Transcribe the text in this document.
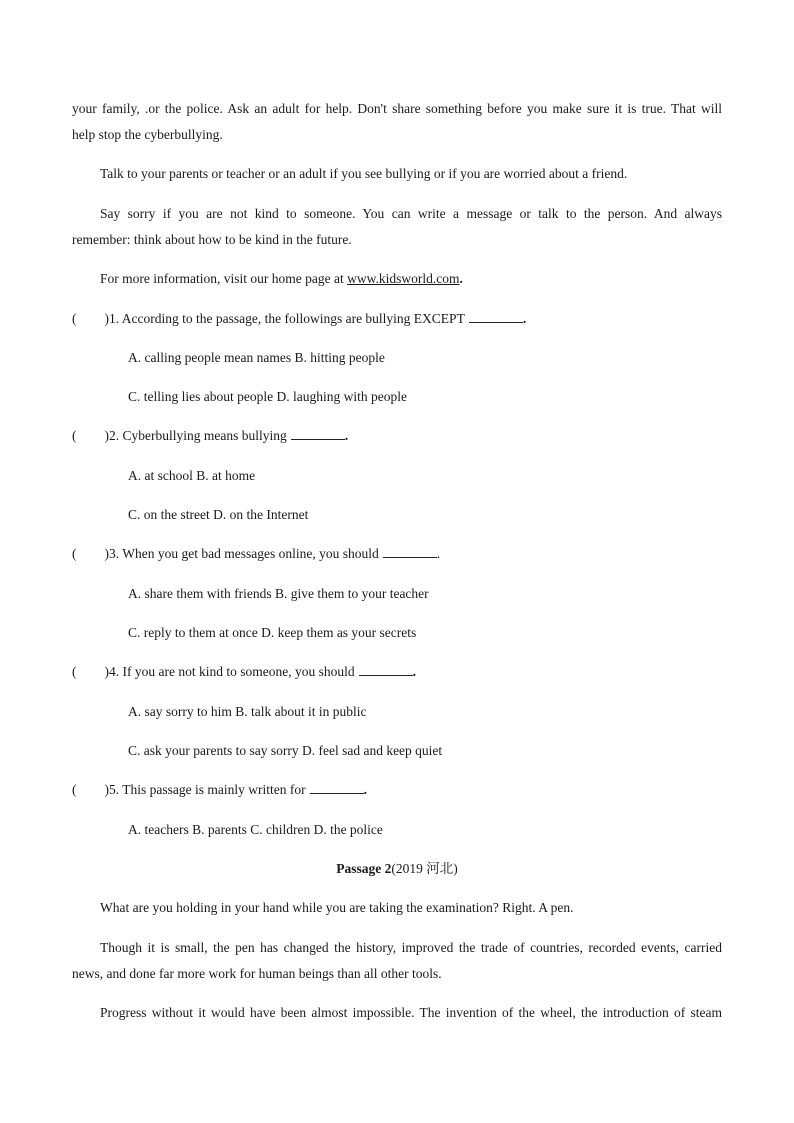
your family, .or the police. Ask an adult for help. Don't share something before you make sure it is true. That will
help stop the cyberbullying.
Talk to your parents or teacher or an adult if you see bullying or if you are worried about a friend.
Say sorry if you are not kind to someone. You can write a message or talk to the person. And always
remember: think about how to be kind in the future.
For more information, visit our home page at www.kidsworld.com.
( )1. According to the passage, the followings are bullying EXCEPT	.
A. calling people mean names B. hitting people
C. telling lies about people D. laughing with people
( )2. Cyberbullying means bullying	.
A. at school B. at home
C. on the street D. on the Internet
( )3. When you get bad messages online, you should	.
A. share them with friends B. give them to your teacher
C. reply to them at once D. keep them as your secrets
( )4. If you are not kind to someone, you should	.
A. say sorry to him B. talk about it in public
C. ask your parents to say sorry D. feel sad and keep quiet
( )5. This passage is mainly written for	.
A. teachers B. parents C. children D. the police
Passage 2(2019 河北)
What are you holding in your hand while you are taking the examination? Right. A pen.
Though it is small, the pen has changed the history, improved the trade of countries, recorded events, carried
news, and done far more work for human beings than all other tools.
Progress without it would have been almost impossible. The invention of the wheel, the introduction of steam
